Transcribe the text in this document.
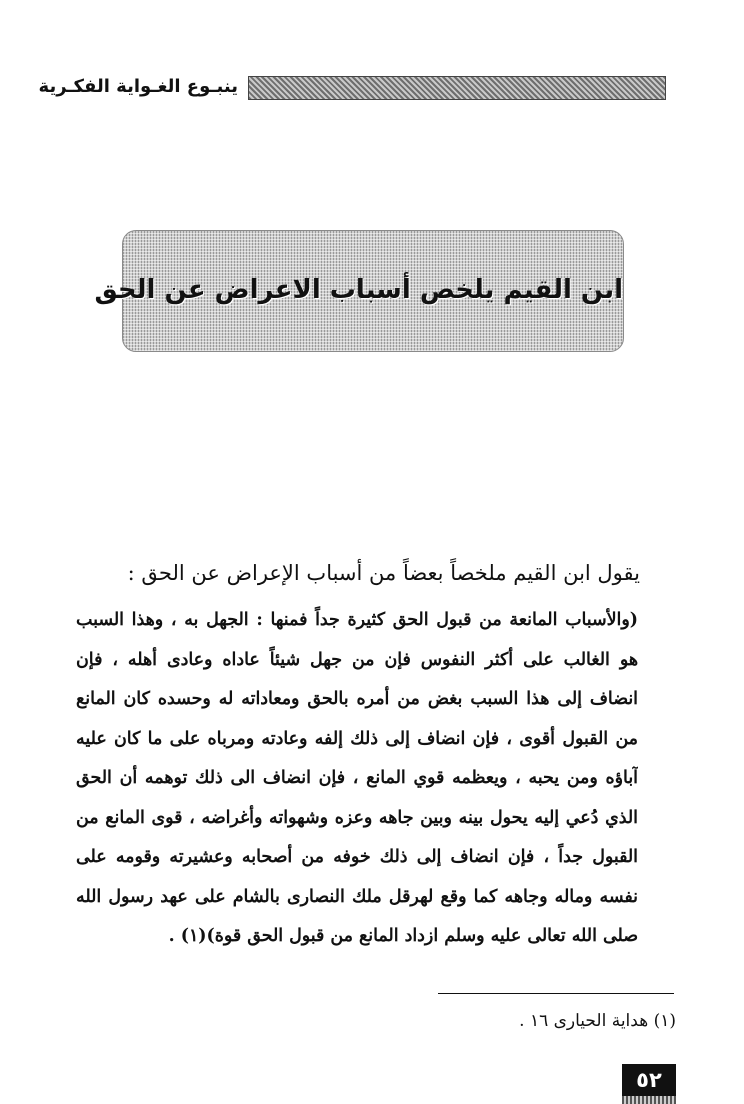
ينبـوع الغـواية الفكـرية
ابن القيم يلخص أسباب الاعراض عن الحق
يقول ابن القيم ملخصاً بعضاً من أسباب الإعراض عن الحق :
(والأسباب المانعة من قبول الحق كثيرة جداً فمنها : الجهل به ، وهذا السبب
هو الغالب على أكثر النفوس فإن من جهل شيئاً عاداه وعادى أهله ، فإن
انضاف إلى هذا السبب بغض من أمره بالحق ومعاداته له وحسده كان المانع
من القبول أقوى ، فإن انضاف إلى ذلك إلفه وعادته ومرباه على ما كان عليه
آباؤه ومن يحبه ، ويعظمه قوي المانع ، فإن انضاف الى ذلك توهمه أن الحق
الذي دُعي إليه يحول بينه وبين جاهه وعزه وشهواته وأغراضه ، قوى المانع من
القبول جداً ، فإن انضاف إلى ذلك خوفه من أصحابه وعشيرته وقومه على
نفسه وماله وجاهه كما وقع لهرقل ملك النصارى بالشام على عهد رسول الله
صلى الله تعالى عليه وسلم ازداد المانع من قبول الحق قوة)(١) .
(١) هداية الحيارى ١٦ .
٥٢
